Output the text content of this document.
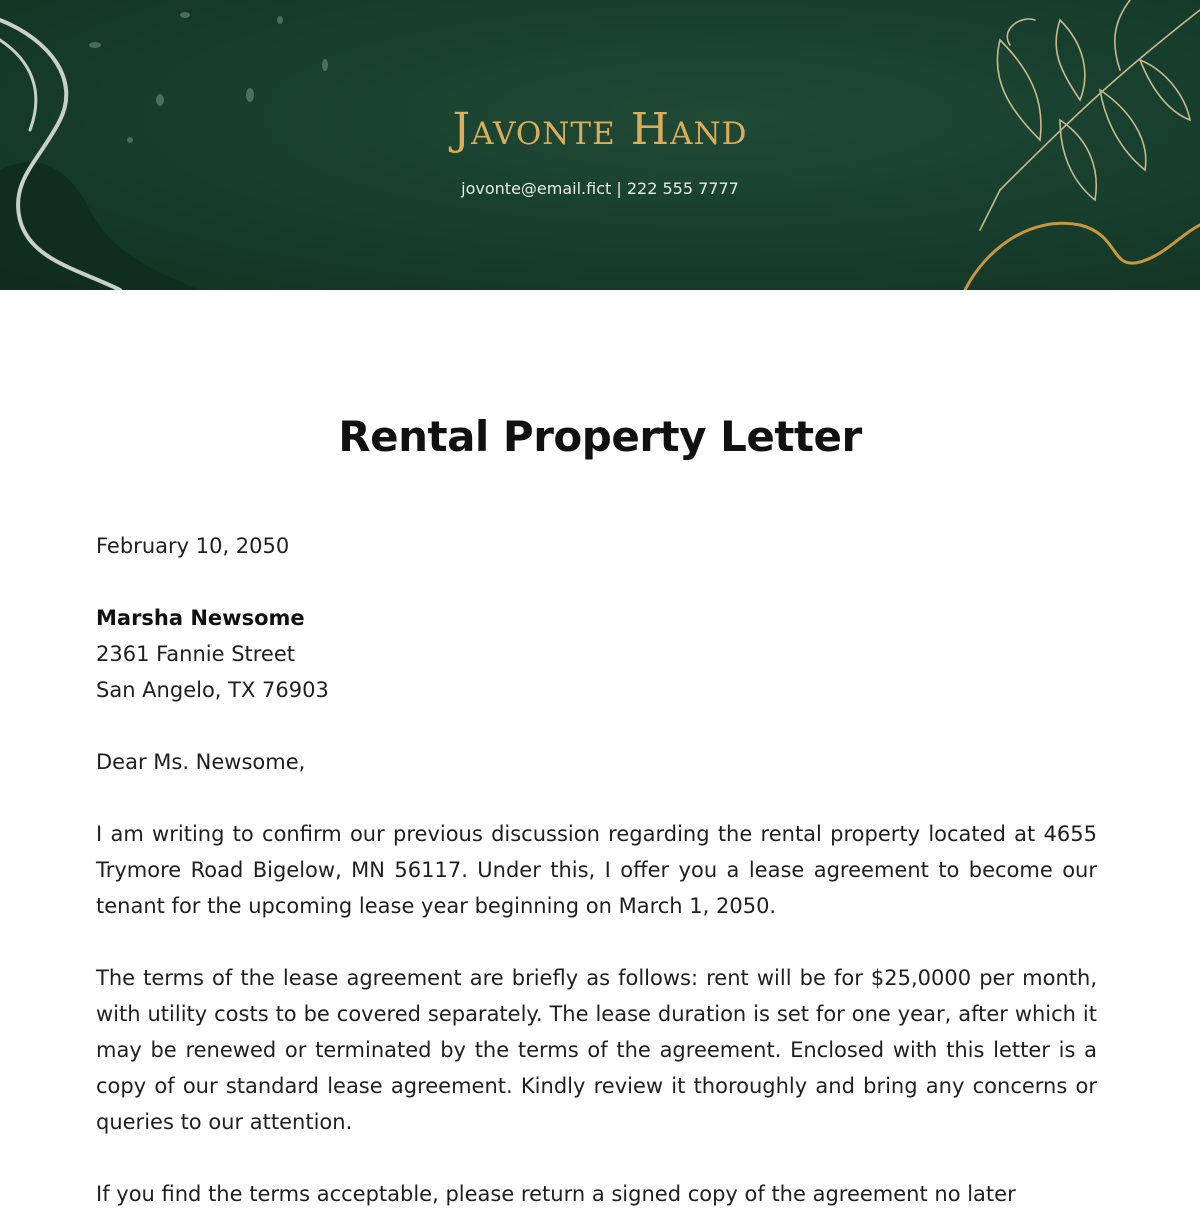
Javonte Hand
jovonte@email.fict | 222 555 7777
Rental Property Letter
February 10, 2050
Marsha Newsome
2361 Fannie Street
San Angelo, TX 76903
Dear Ms. Newsome,
I am writing to confirm our previous discussion regarding the rental property located at 4655 Trymore Road Bigelow, MN 56117. Under this, I offer you a lease agreement to become our tenant for the upcoming lease year beginning on March 1, 2050.
The terms of the lease agreement are briefly as follows: rent will be for $25,0000 per month, with utility costs to be covered separately. The lease duration is set for one year, after which it may be renewed or terminated by the terms of the agreement. Enclosed with this letter is a copy of our standard lease agreement. Kindly review it thoroughly and bring any concerns or queries to our attention.
If you find the terms acceptable, please return a signed copy of the agreement no later
